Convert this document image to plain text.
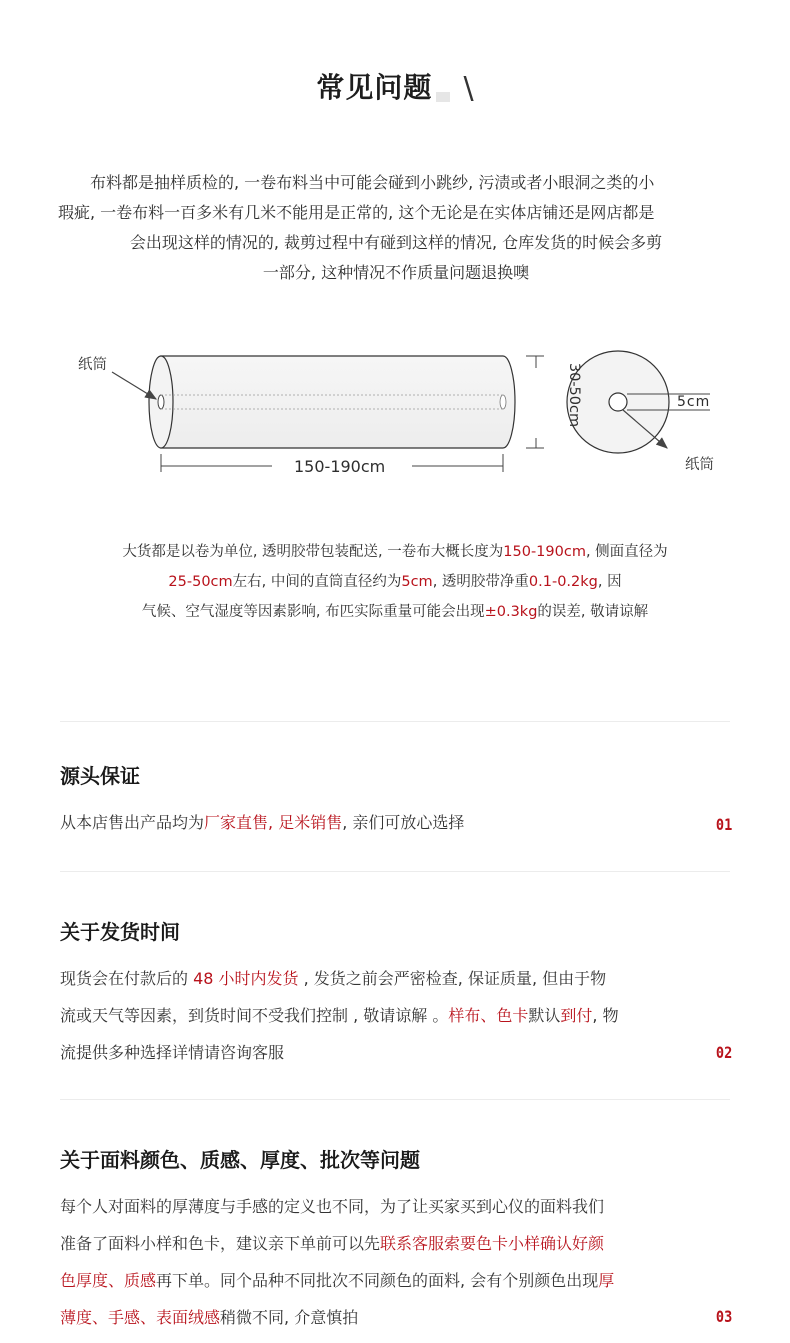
常见问题 \

布料都是抽样质检的, 一卷布料当中可能会碰到小跳纱, 污渍或者小眼洞之类的小

瑕疵, 一卷布料一百多米有几米不能用是正常的, 这个无论是在实体店铺还是网店都是

会出现这样的情况的, 裁剪过程中有碰到这样的情况, 仓库发货的时候会多剪

一部分, 这种情况不作质量问题退换噢

纸筒
150-190cm
30-50cm	5cm
纸筒

大货都是以卷为单位, 透明胶带包装配送, 一卷布大概长度为150-190cm, 侧面直径为

25-50cm左右, 中间的直筒直径约为5cm, 透明胶带净重0.1-0.2kg, 因

气候、空气湿度等因素影响, 布匹实际重量可能会出现±0.3kg的误差, 敬请谅解

源头保证

从本店售出产品均为厂家直售, 足米销售, 亲们可放心选择	01
关于发货时间

现货会在付款后的 48 小时内发货 , 发货之前会严密检查, 保证质量, 但由于物

流或天气等因素，到货时间不受我们控制 , 敬请谅解 。样布、色卡默认到付, 物

流提供多种选择详情请咨询客服	02
关于面料颜色、质感、厚度、批次等问题

每个人对面料的厚薄度与手感的定义也不同，为了让买家买到心仪的面料我们

准备了面料小样和色卡，建议亲下单前可以先联系客服索要色卡小样确认好颜

色厚度、质感再下单。同个品种不同批次不同颜色的面料, 会有个别颜色出现厚

薄度、手感、表面绒感稍微不同, 介意慎拍	03
